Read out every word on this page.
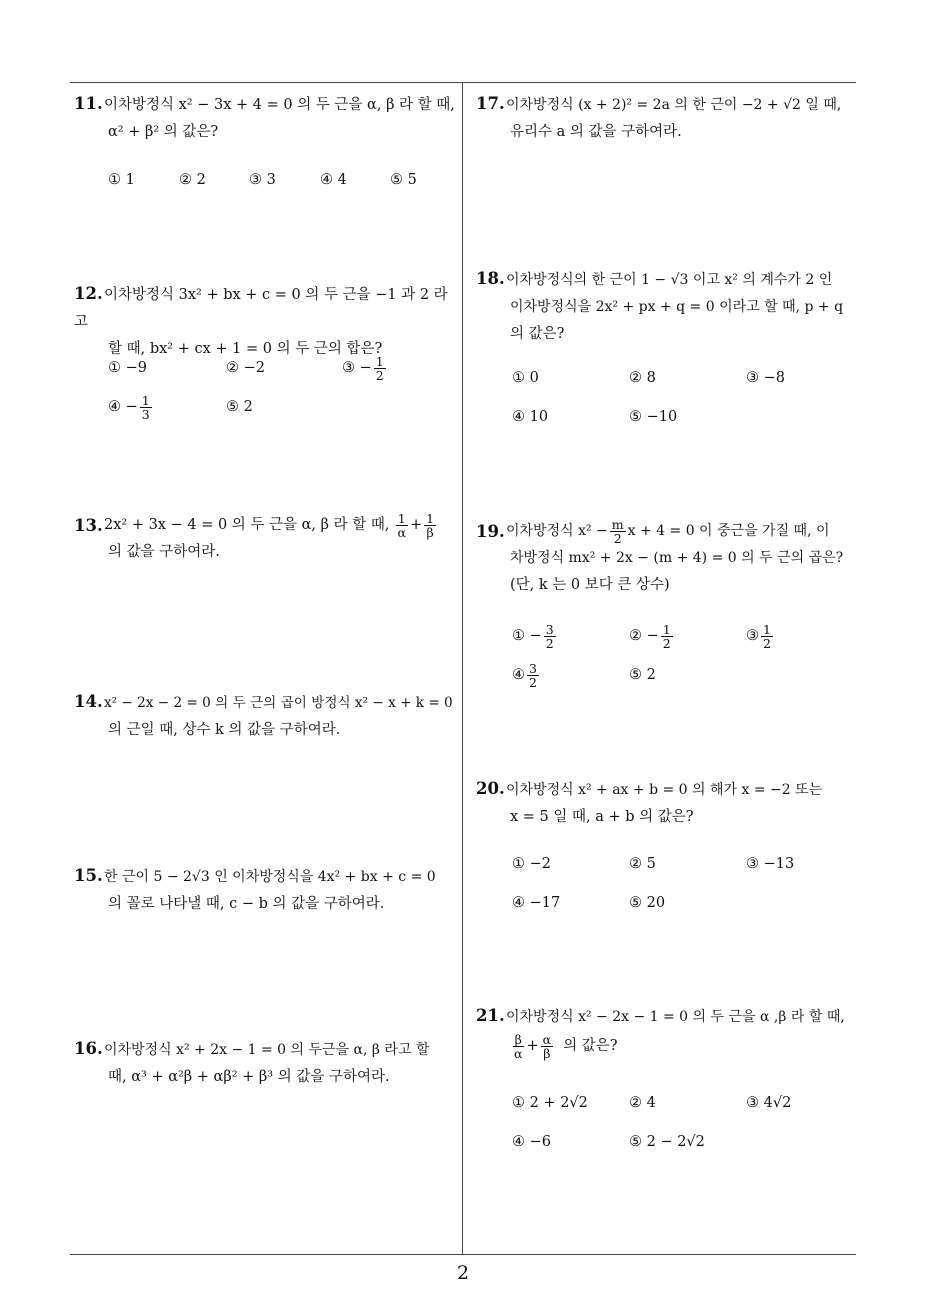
11.이차방정식 x² − 3x + 4 = 0 의 두 근을 α, β 라 할 때,
α² + β² 의 값은?
① 1	② 2	③ 3	④ 4	⑤ 5
12.이차방정식 3x² + bx + c = 0 의 두 근을 −1 과 2 라고
할 때, bx² + cx + 1 = 0 의 두 근의 합은?
① −9	② −2	③ − $\frac{1}{2}$
④ − $\frac{1}{3}$	⑤ 2
13. 2x² + 3x − 4 = 0 의 두 근을 α, β 라 할 때, $\frac{1}{\alpha} + \frac{1}{\beta}$
의 값을 구하여라.
14.x² − 2x − 2 = 0 의 두 근의 곱이 방정식 x² − x + k = 0
의 근일 때, 상수 k 의 값을 구하여라.
15.한 근이 5 − 2√3 인 이차방정식을 4x² + bx + c = 0
의 꼴로 나타낼 때, c − b 의 값을 구하여라.
16.이차방정식 x² + 2x − 1 = 0 의 두근을 α, β 라고 할
때, α³ + α²β + αβ² + β³ 의 값을 구하여라.
17.이차방정식 (x + 2)² = 2a 의 한 근이 −2 + √2 일 때,
유리수 a 의 값을 구하여라.
18.이차방정식의 한 근이 1 − √3 이고 x² 의 계수가 2 인
이차방정식을 2x² + px + q = 0 이라고 할 때, p + q
의 값은?
① 0	② 8	③ −8
④ 10	⑤ −10
19. 이차방정식 $x^2 - \frac{m}{2}$ x + 4 = 0 이 중근을 가질 때, 이
차방정식 mx² + 2x − (m + 4) = 0 의 두 근의 곱은?
(단, k 는 0 보다 큰 상수)
① − $\frac{3}{2}$	② − $\frac{1}{2}$	③ $\frac{1}{2}$
④ $\frac{3}{2}$	⑤ 2
20.이차방정식 x² + ax + b = 0 의 해가 x = −2 또는
x = 5 일 때, a + b 의 값은?
① −2	② 5	③ −13
④ −17	⑤ 20
21.이차방정식 x² − 2x − 1 = 0 의 두 근을 α ,β 라 할 때,
$\frac{\beta}{\alpha} + \frac{\alpha}{\beta}$ 의 값은?
① 2 + 2√2	② 4	③ 4√2
④ −6	⑤ 2 − 2√2
2
